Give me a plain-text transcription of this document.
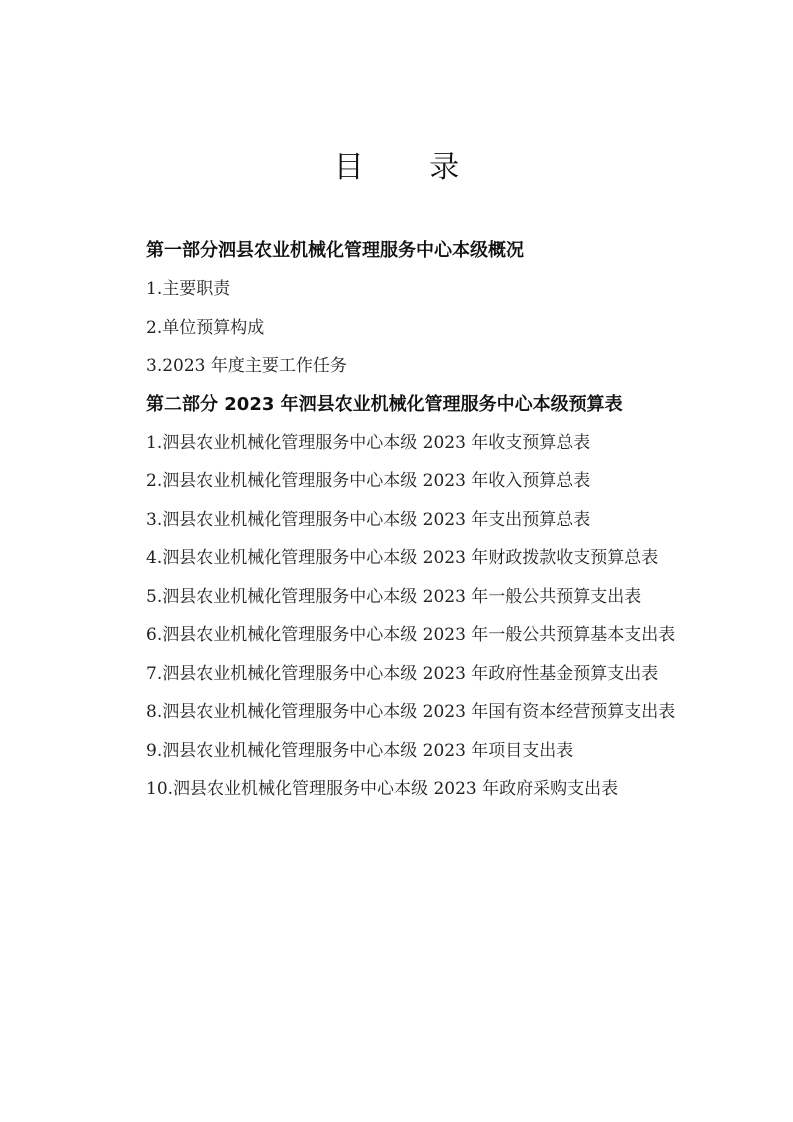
目 录
第一部分泗县农业机械化管理服务中心本级概况
1.主要职责
2.单位预算构成
3.2023 年度主要工作任务
第二部分 2023 年泗县农业机械化管理服务中心本级预算表
1.泗县农业机械化管理服务中心本级 2023 年收支预算总表
2.泗县农业机械化管理服务中心本级 2023 年收入预算总表
3.泗县农业机械化管理服务中心本级 2023 年支出预算总表
4.泗县农业机械化管理服务中心本级 2023 年财政拨款收支预算总表
5.泗县农业机械化管理服务中心本级 2023 年一般公共预算支出表
6.泗县农业机械化管理服务中心本级 2023 年一般公共预算基本支出表
7.泗县农业机械化管理服务中心本级 2023 年政府性基金预算支出表
8.泗县农业机械化管理服务中心本级 2023 年国有资本经营预算支出表
9.泗县农业机械化管理服务中心本级 2023 年项目支出表
10.泗县农业机械化管理服务中心本级 2023 年政府采购支出表
